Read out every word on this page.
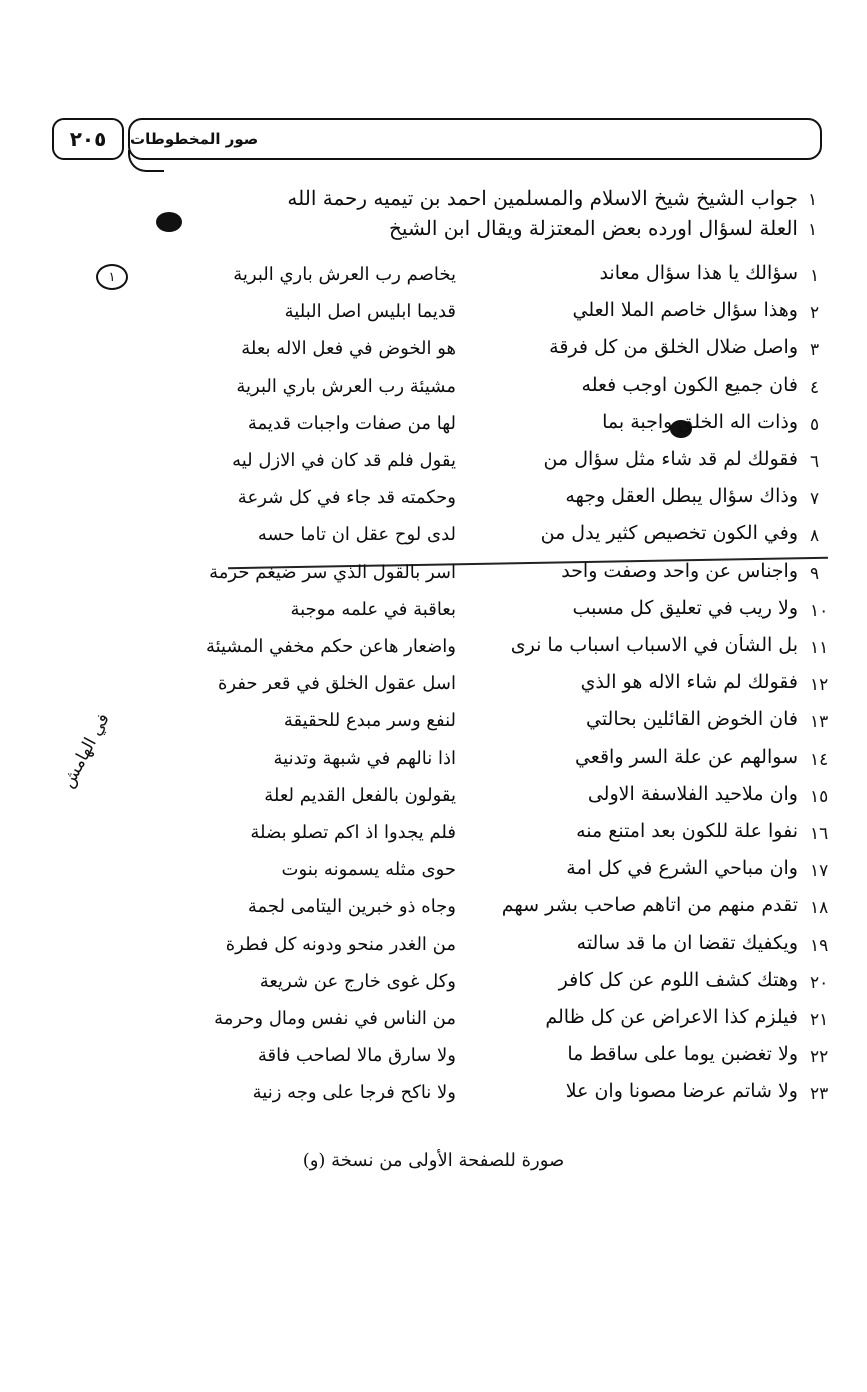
٢٠٥ صور المخطوطات
١
في الهامش
١
جواب الشيخ شيخ الاسلام والمسلمين احمد بن تيميه رحمة الله
١
العلة لسؤال اورده بعض المعتزلة ويقال ابن الشيخ
١
سؤالك يا هذا سؤال معاند
٢
وهذا سؤال خاصم الملا العلي
٣
واصل ضلال الخلق من كل فرقة
٤
فان جميع الكون اوجب فعله
٥
وذات اله الخلق واجبة بما
٦
فقولك لم قد شاء مثل سؤال من
٧
وذاك سؤال يبطل العقل وجهه
٨
وفي الكون تخصيص كثير يدل من
٩
واجناس عن واحد وصفت واحد
١٠
ولا ريب في تعليق كل مسبب
١١
بل الشأن في الاسباب اسباب ما نرى
١٢
فقولك لم شاء الاله هو الذي
١٣
فان الخوض القائلين بحالتي
١٤
سوالهم عن علة السر واقعي
١٥
وان ملاحيد الفلاسفة الاولى
١٦
نفوا علة للكون بعد امتنع منه
١٧
وان مباحي الشرع في كل امة
١٨
تقدم منهم من اتاهم صاحب بشر سهم
١٩
ويكفيك تقضا ان ما قد سالته
٢٠
وهتك كشف اللوم عن كل كافر
٢١
فيلزم كذا الاعراض عن كل ظالم
٢٢
ولا تغضبن يوما على ساقط ما
٢٣
ولا شاتم عرضا مصونا وان علا
يخاصم رب العرش باري البرية
قديما ابليس اصل البلية
هو الخوض في فعل الاله بعلة
مشيئة رب العرش باري البرية
لها من صفات واجبات قديمة
يقول فلم قد كان في الازل ليه
وحكمته قد جاء في كل شرعة
لدى لوح عقل ان تاما حسه
اسر بالقول الذي سر ضيغم حرمة
بعاقبة في علمه موجبة
واضعار هاعن حكم مخفي المشيئة
اسل عقول الخلق في قعر حفرة
لنفع وسر مبدع للحقيقة
اذا نالهم في شبهة وتدنية
يقولون بالفعل القديم لعلة
فلم يجدوا اذ اكم تصلو بضلة
حوى مثله يسمونه بنوت
وجاه ذو خبرين اليتامى لجمة
من الغدر منحو ودونه كل فطرة
وكل غوى خارج عن شريعة
من الناس في نفس ومال وحرمة
ولا سارق مالا لصاحب فاقة
ولا ناكح فرجا على وجه زنية
صورة للصفحة الأولى من نسخة (و)
